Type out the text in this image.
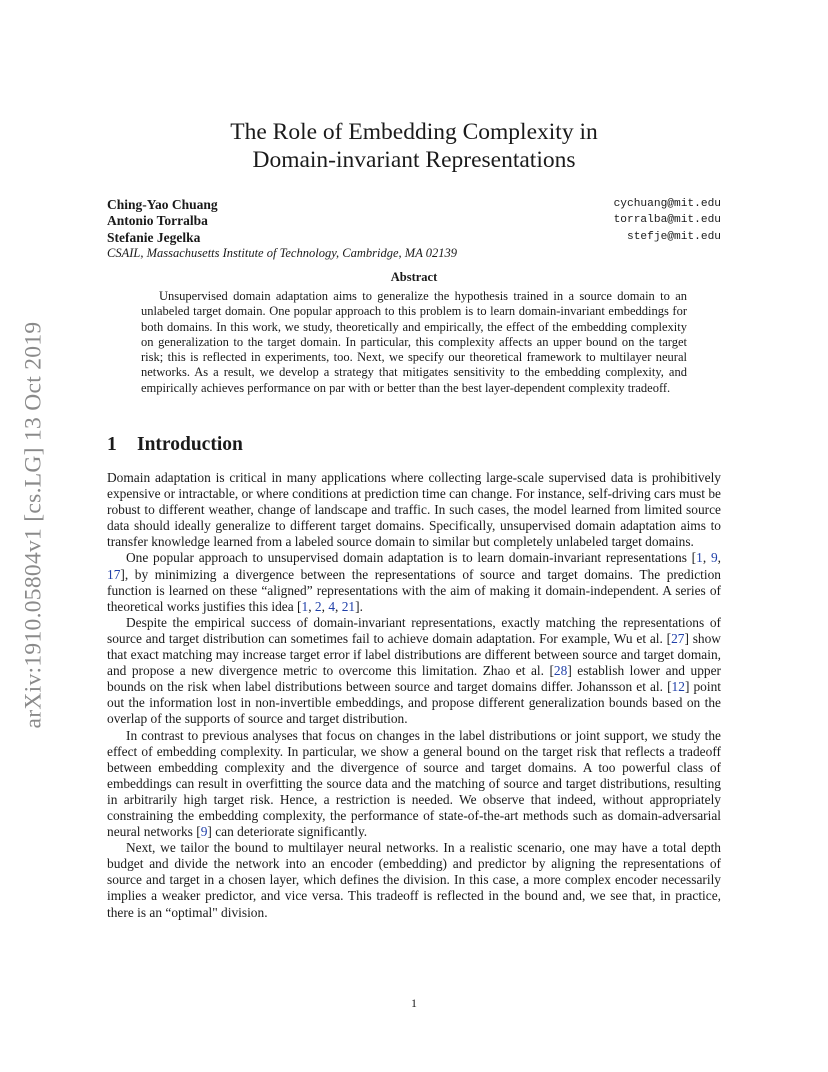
arXiv:1910.05804v1 [cs.LG] 13 Oct 2019
The Role of Embedding Complexity in
Domain-invariant Representations
Ching-Yao Chuang	cychuang@mit.edu
Antonio Torralba	torralba@mit.edu
Stefanie Jegelka	stefje@mit.edu
CSAIL, Massachusetts Institute of Technology, Cambridge, MA 02139
Abstract

Unsupervised domain adaptation aims to generalize the hypothesis trained in a source domain to an unlabeled target domain. One popular approach to this problem is to learn domain-invariant embeddings for both domains. In this work, we study, theoretically and empirically, the effect of the embedding complexity on generalization to the target domain. In particular, this complexity affects an upper bound on the target risk; this is reflected in experiments, too. Next, we specify our theoretical framework to multilayer neural networks. As a result, we develop a strategy that mitigates sensitivity to the embedding complexity, and empirically achieves performance on par with or better than the best layer-dependent complexity tradeoff.

1 Introduction

Domain adaptation is critical in many applications where collecting large-scale supervised data is prohibitively expensive or intractable, or where conditions at prediction time can change. For instance, self-driving cars must be robust to different weather, change of landscape and traffic. In such cases, the model learned from limited source data should ideally generalize to different target domains. Specifically, unsupervised domain adaptation aims to transfer knowledge learned from a labeled source domain to similar but completely unlabeled target domains.

One popular approach to unsupervised domain adaptation is to learn domain-invariant representations [1, 9, 17], by minimizing a divergence between the representations of source and target domains. The prediction function is learned on these “aligned” representations with the aim of making it domain-independent. A series of theoretical works justifies this idea [1, 2, 4, 21].

Despite the empirical success of domain-invariant representations, exactly matching the representations of source and target distribution can sometimes fail to achieve domain adaptation. For example, Wu et al. [27] show that exact matching may increase target error if label distributions are different between source and target domain, and propose a new divergence metric to overcome this limitation. Zhao et al. [28] establish lower and upper bounds on the risk when label distributions between source and target domains differ. Johansson et al. [12] point out the information lost in non-invertible embeddings, and propose different generalization bounds based on the overlap of the supports of source and target distribution.

In contrast to previous analyses that focus on changes in the label distributions or joint support, we study the effect of embedding complexity. In particular, we show a general bound on the target risk that reflects a tradeoff between embedding complexity and the divergence of source and target domains. A too powerful class of embeddings can result in overfitting the source data and the matching of source and target distributions, resulting in arbitrarily high target risk. Hence, a restriction is needed. We observe that indeed, without appropriately constraining the embedding complexity, the performance of state-of-the-art methods such as domain-adversarial neural networks [9] can deteriorate significantly.

Next, we tailor the bound to multilayer neural networks. In a realistic scenario, one may have a total depth budget and divide the network into an encoder (embedding) and predictor by aligning the representations of source and target in a chosen layer, which defines the division. In this case, a more complex encoder necessarily implies a weaker predictor, and vice versa. This tradeoff is reflected in the bound and, we see that, in practice, there is an “optimal" division.

1
